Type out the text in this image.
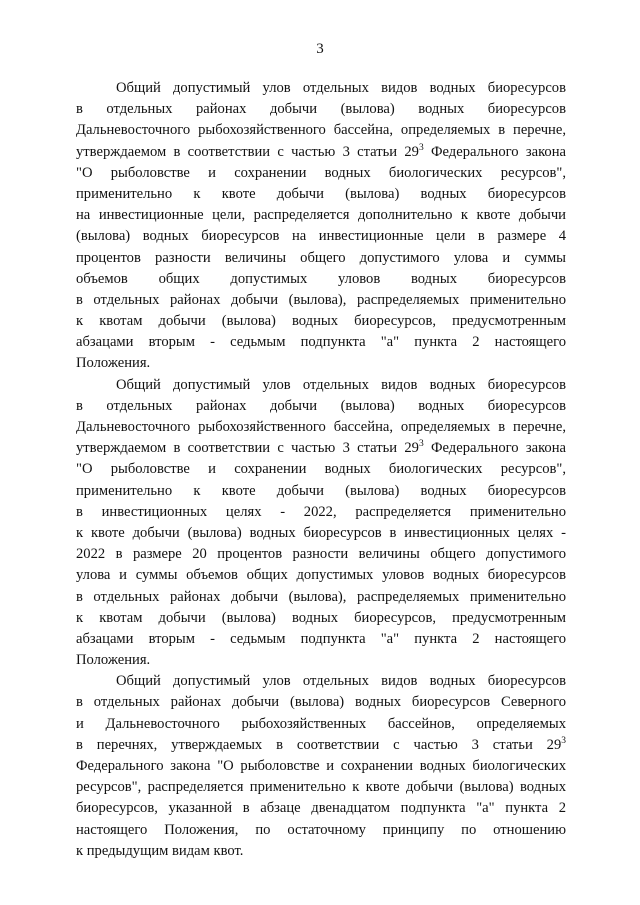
3
Общий допустимый улов отдельных видов водных биоресурсов
в отдельных районах добычи (вылова) водных биоресурсов
Дальневосточного рыбохозяйственного бассейна, определяемых в перечне,
утверждаемом в соответствии с частью 3 статьи $29^3$ Федерального закона
"О рыболовстве и сохранении водных биологических ресурсов",
применительно к квоте добычи (вылова) водных биоресурсов
на инвестиционные цели, распределяется дополнительно к квоте добычи
(вылова) водных биоресурсов на инвестиционные цели в размере 4
процентов разности величины общего допустимого улова и суммы
объемов общих допустимых уловов водных биоресурсов
в отдельных районах добычи (вылова), распределяемых применительно
к квотам добычи (вылова) водных биоресурсов, предусмотренным
абзацами вторым - седьмым подпункта "а" пункта 2 настоящего
Положения.
Общий допустимый улов отдельных видов водных биоресурсов
в отдельных районах добычи (вылова) водных биоресурсов
Дальневосточного рыбохозяйственного бассейна, определяемых в перечне,
утверждаемом в соответствии с частью 3 статьи $29^3$ Федерального закона
"О рыболовстве и сохранении водных биологических ресурсов",
применительно к квоте добычи (вылова) водных биоресурсов
в инвестиционных целях - 2022, распределяется применительно
к квоте добычи (вылова) водных биоресурсов в инвестиционных целях -
2022 в размере 20 процентов разности величины общего допустимого
улова и суммы объемов общих допустимых уловов водных биоресурсов
в отдельных районах добычи (вылова), распределяемых применительно
к квотам добычи (вылова) водных биоресурсов, предусмотренным
абзацами вторым - седьмым подпункта "а" пункта 2 настоящего
Положения.
Общий допустимый улов отдельных видов водных биоресурсов
в отдельных районах добычи (вылова) водных биоресурсов Северного
и Дальневосточного рыбохозяйственных бассейнов, определяемых
в перечнях, утверждаемых в соответствии с частью 3 статьи $29^3$
Федерального закона "О рыболовстве и сохранении водных биологических
ресурсов", распределяется применительно к квоте добычи (вылова) водных
биоресурсов, указанной в абзаце двенадцатом подпункта "а" пункта 2
настоящего Положения, по остаточному принципу по отношению
к предыдущим видам квот.
